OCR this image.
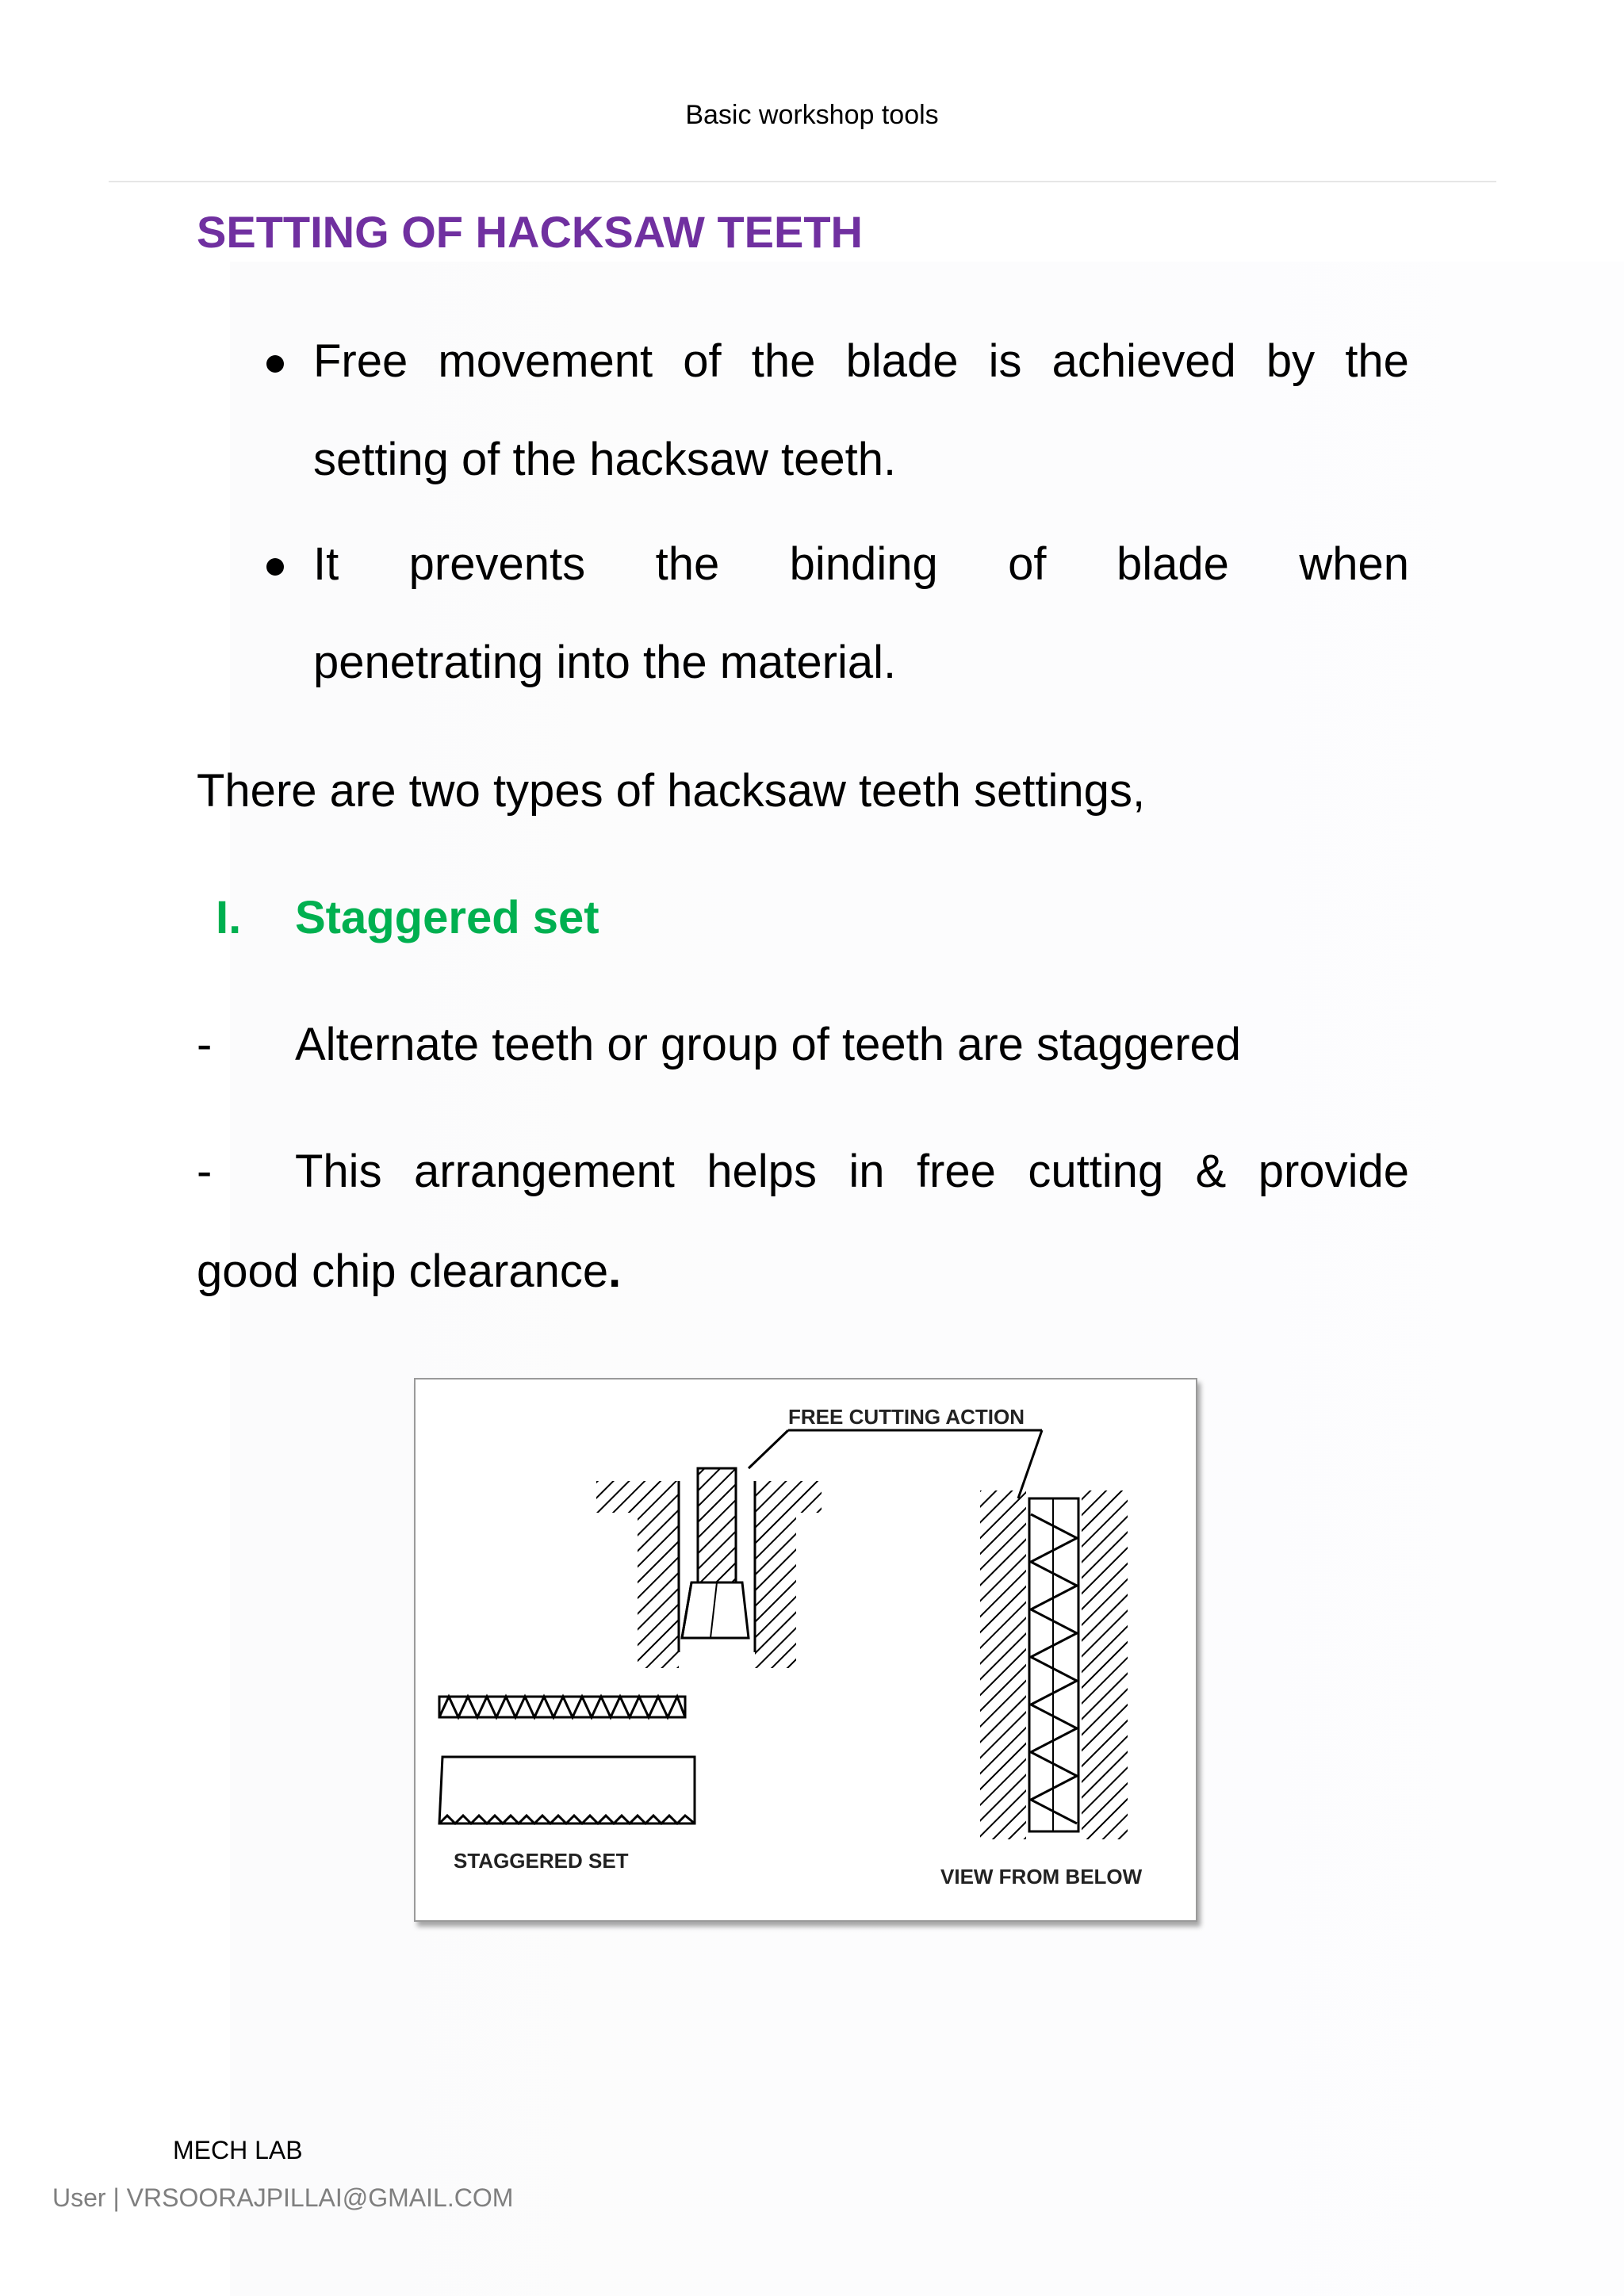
Basic workshop tools
SETTING OF HACKSAW TEETH
Free movement of the blade is achieved by the
setting of the hacksaw teeth.
It prevents the binding of blade when
penetrating into the material.
There are two types of hacksaw teeth settings,
I. Staggered set
- Alternate teeth or group of teeth are staggered
- This arrangement helps in free cutting & provide
good chip clearance.
FREE CUTTING ACTION
STAGGERED SET
VIEW FROM BELOW
MECH LAB
User | VRSOORAJPILLAI@GMAIL.COM
